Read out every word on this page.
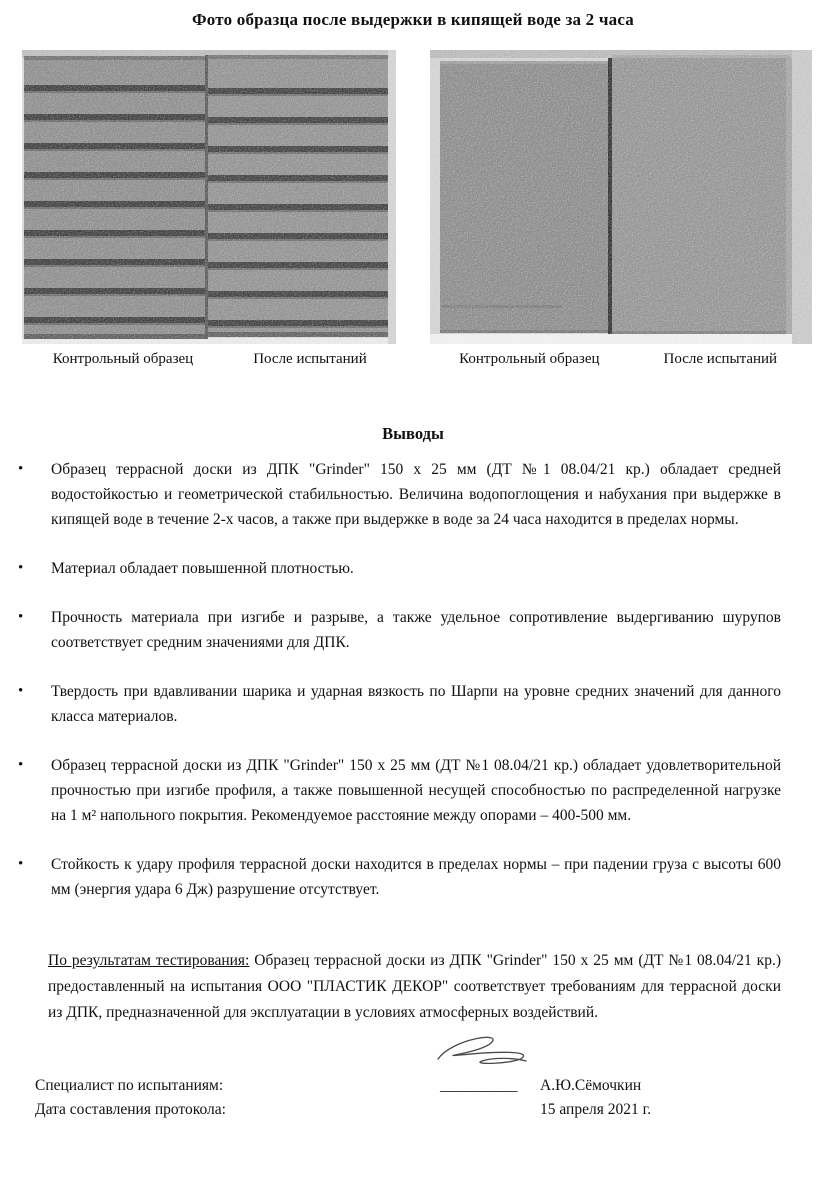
Фото образца после выдержки в кипящей воде за 2 часа
Контрольный образец	После испытаний	Контрольный образец	После испытаний
Выводы
•	Образец террасной доски из ДПК "Grinder" 150 х 25 мм (ДТ №1 08.04/21 кр.) обладает средней водостойкостью и геометрической стабильностью. Величина водопоглощения и набухания при выдержке в кипящей воде в течение 2-х часов, а также при выдержке в воде за 24 часа находится в пределах нормы.
•	Материал обладает повышенной плотностью.
•	Прочность материала при изгибе и разрыве, а также удельное сопротивление выдергиванию шурупов соответствует средним значениями для ДПК.
•	Твердость при вдавливании шарика и ударная вязкость по Шарпи на уровне средних значений для данного класса материалов.
•	Образец террасной доски из ДПК "Grinder" 150 х 25 мм (ДТ №1 08.04/21 кр.) обладает удовлетворительной прочностью при изгибе профиля, а также повышенной несущей способностью по распределенной нагрузке на 1 м² напольного покрытия. Рекомендуемое расстояние между опорами – 400-500 мм.
•	Стойкость к удару профиля террасной доски находится в пределах нормы – при падении груза с высоты 600 мм (энергия удара 6 Дж) разрушение отсутствует.
По результатам тестирования: Образец террасной доски из ДПК "Grinder" 150 х 25 мм (ДТ №1 08.04/21 кр.) предоставленный на испытания ООО "ПЛАСТИК ДЕКОР" соответствует требованиям для террасной доски из ДПК, предназначенной для эксплуатации в условиях атмосферных воздействий.
Специалист по испытаниям:	__________	А.Ю.Сёмочкин
Дата составления протокола:	15 апреля 2021 г.
